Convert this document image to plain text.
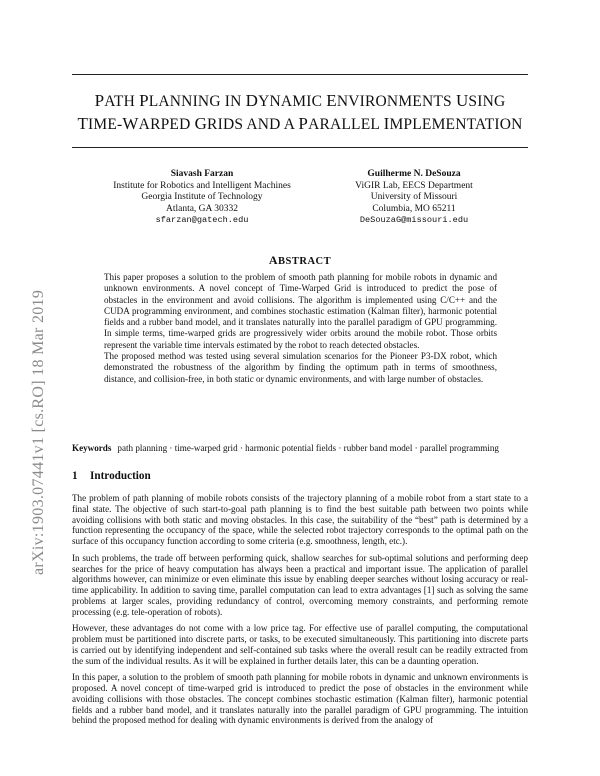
arXiv:1903.07441v1 [cs.RO] 18 Mar 2019
PATH PLANNING IN DYNAMIC ENVIRONMENTS USING
TIME-WARPED GRIDS AND A PARALLEL IMPLEMENTATION
Siavash Farzan
Institute for Robotics and Intelligent Machines
Georgia Institute of Technology
Atlanta, GA 30332
sfarzan@gatech.edu
Guilherme N. DeSouza
ViGIR Lab, EECS Department
University of Missouri
Columbia, MO 65211
DeSouzaG@missouri.edu
ABSTRACT

This paper proposes a solution to the problem of smooth path planning for mobile robots in dynamic and unknown environments. A novel concept of Time-Warped Grid is introduced to predict the pose of obstacles in the environment and avoid collisions. The algorithm is implemented using C/C++ and the CUDA programming environment, and combines stochastic estimation (Kalman filter), harmonic potential fields and a rubber band model, and it translates naturally into the parallel paradigm of GPU programming. In simple terms, time-warped grids are progressively wider orbits around the mobile robot. Those orbits represent the variable time intervals estimated by the robot to reach detected obstacles.

The proposed method was tested using several simulation scenarios for the Pioneer P3-DX robot, which demonstrated the robustness of the algorithm by finding the optimum path in terms of smoothness, distance, and collision-free, in both static or dynamic environments, and with large number of obstacles.

Keywords path planning · time-warped grid · harmonic potential fields · rubber band model · parallel programming
1 Introduction

The problem of path planning of mobile robots consists of the trajectory planning of a mobile robot from a start state to a final state. The objective of such start-to-goal path planning is to find the best suitable path between two points while avoiding collisions with both static and moving obstacles. In this case, the suitability of the “best” path is determined by a function representing the occupancy of the space, while the selected robot trajectory corresponds to the optimal path on the surface of this occupancy function according to some criteria (e.g. smoothness, length, etc.).

In such problems, the trade off between performing quick, shallow searches for sub-optimal solutions and performing deep searches for the price of heavy computation has always been a practical and important issue. The application of parallel algorithms however, can minimize or even eliminate this issue by enabling deeper searches without losing accuracy or real-time applicability. In addition to saving time, parallel computation can lead to extra advantages [1] such as solving the same problems at larger scales, providing redundancy of control, overcoming memory constraints, and performing remote processing (e.g. tele-operation of robots).

However, these advantages do not come with a low price tag. For effective use of parallel computing, the computational problem must be partitioned into discrete parts, or tasks, to be executed simultaneously. This partitioning into discrete parts is carried out by identifying independent and self-contained sub tasks where the overall result can be readily extracted from the sum of the individual results. As it will be explained in further details later, this can be a daunting operation.

In this paper, a solution to the problem of smooth path planning for mobile robots in dynamic and unknown environments is proposed. A novel concept of time-warped grid is introduced to predict the pose of obstacles in the environment while avoiding collisions with those obstacles. The concept combines stochastic estimation (Kalman filter), harmonic potential fields and a rubber band model, and it translates naturally into the parallel paradigm of GPU programming. The intuition behind the proposed method for dealing with dynamic environments is derived from the analogy of
